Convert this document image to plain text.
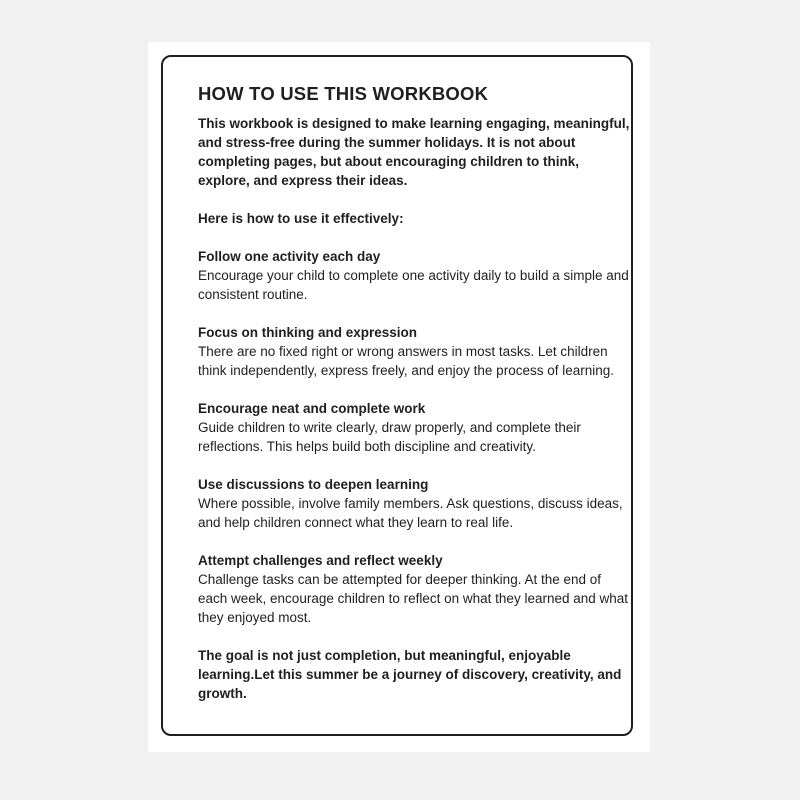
HOW TO USE THIS WORKBOOK

This workbook is designed to make learning engaging, meaningful, and stress-free during the summer holidays. It is not about completing pages, but about encouraging children to think, explore, and express their ideas.

Here is how to use it effectively:

Follow one activity each day

Encourage your child to complete one activity daily to build a simple and consistent routine.

Focus on thinking and expression

There are no fixed right or wrong answers in most tasks. Let children think independently, express freely, and enjoy the process of learning.

Encourage neat and complete work

Guide children to write clearly, draw properly, and complete their reflections. This helps build both discipline and creativity.

Use discussions to deepen learning

Where possible, involve family members. Ask questions, discuss ideas, and help children connect what they learn to real life.

Attempt challenges and reflect weekly

Challenge tasks can be attempted for deeper thinking. At the end of each week, encourage children to reflect on what they learned and what they enjoyed most.

The goal is not just completion, but meaningful, enjoyable learning.Let this summer be a journey of discovery, creativity, and growth.
